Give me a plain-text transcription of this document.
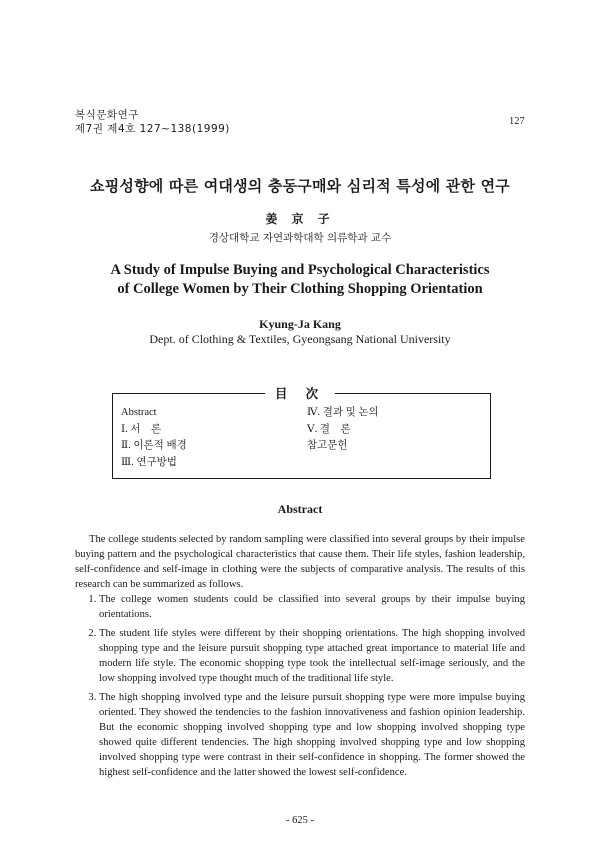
복식문화연구
제7권 제4호 127~138(1999)
127
쇼핑성향에 따른 여대생의 충동구매와 심리적 특성에 관한 연구
姜 京 子
경상대학교 자연과학대학 의류학과 교수
A Study of Impulse Buying and Psychological Characteristics
of College Women by Their Clothing Shopping Orientation
Kyung-Ja Kang
Dept. of Clothing & Textiles, Gyeongsang National University
Abstract
Ⅰ. 서　론
Ⅱ. 이론적 배경
Ⅲ. 연구방법
Ⅳ. 결과 및 논의
Ⅴ. 결　론
참고문헌
目 次
Abstract

The college students selected by random sampling were classified into several groups by their impulse buying pattern and the psychological characteristics that cause them. Their life styles, fashion leadership, self-confidence and self-image in clothing were the subjects of comparative analysis. The results of this research can be summarized as follows.

1. The college women students could be classified into several groups by their impulse buying orientations.
2. The student life styles were different by their shopping orientations. The high shopping involved shopping type and the leisure pursuit shopping type attached great importance to material life and modern life style. The economic shopping type took the intellectual self-image seriously, and the low shopping involved type thought much of the traditional life style.
3. The high shopping involved type and the leisure pursuit shopping type were more impulse buying oriented. They showed the tendencies to the fashion innovativeness and fashion opinion leadership. But the economic shopping involved shopping type and low shopping involved shopping type showed quite different tendencies. The high shopping involved shopping type and low shopping involved shopping type were contrast in their self-confidence in shopping. The former showed the highest self-confidence and the latter showed the lowest self-confidence.
- 625 -
